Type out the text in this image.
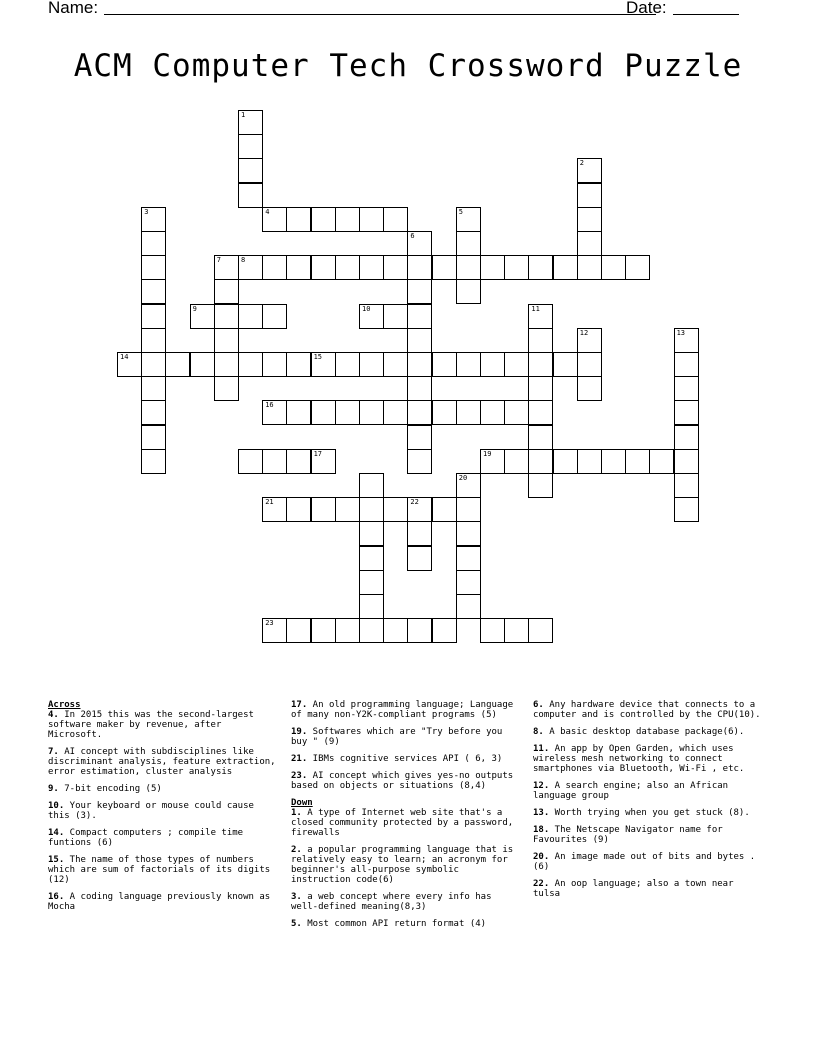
Name:	Date:
ACM Computer Tech Crossword Puzzle
1
2
3	4	5
6
7	8
9	10	11
12
14	15
13
16
17	19
20
21	22
23
Across
4. In 2015 this was the second-largest software maker by revenue, after Microsoft.
7. AI concept with subdisciplines like discriminant analysis, feature extraction, error estimation, cluster analysis
9. 7-bit encoding (5)
10. Your keyboard or mouse could cause this (3).
14. Compact computers ; compile time funtions (6)
15. The name of those types of numbers which are sum of factorials of its digits (12)
16. A coding language previously known as Mocha
17. An old programming language; Language of many non-Y2K-compliant programs (5)
19. Softwares which are "Try before you buy " (9)
21. IBMs cognitive services API ( 6, 3)
23. AI concept which gives yes-no outputs based on objects or situations (8,4)
Down
1. A type of Internet web site that's a closed community protected by a password, firewalls
2. a popular programming language that is relatively easy to learn; an acronym for beginner's all-purpose symbolic instruction code(6)
3. a web concept where every info has well-defined meaning(8,3)
5. Most common API return format (4)
6. Any hardware device that connects to a computer and is controlled by the CPU(10).
8. A basic desktop database package(6).
11. An app by Open Garden, which uses wireless mesh networking to connect smartphones via Bluetooth, Wi-Fi , etc.
12. A search engine; also an African language group
13. Worth trying when you get stuck (8).
18. The Netscape Navigator name for Favourites (9)
20. An image made out of bits and bytes .(6)
22. An oop language; also a town near tulsa
